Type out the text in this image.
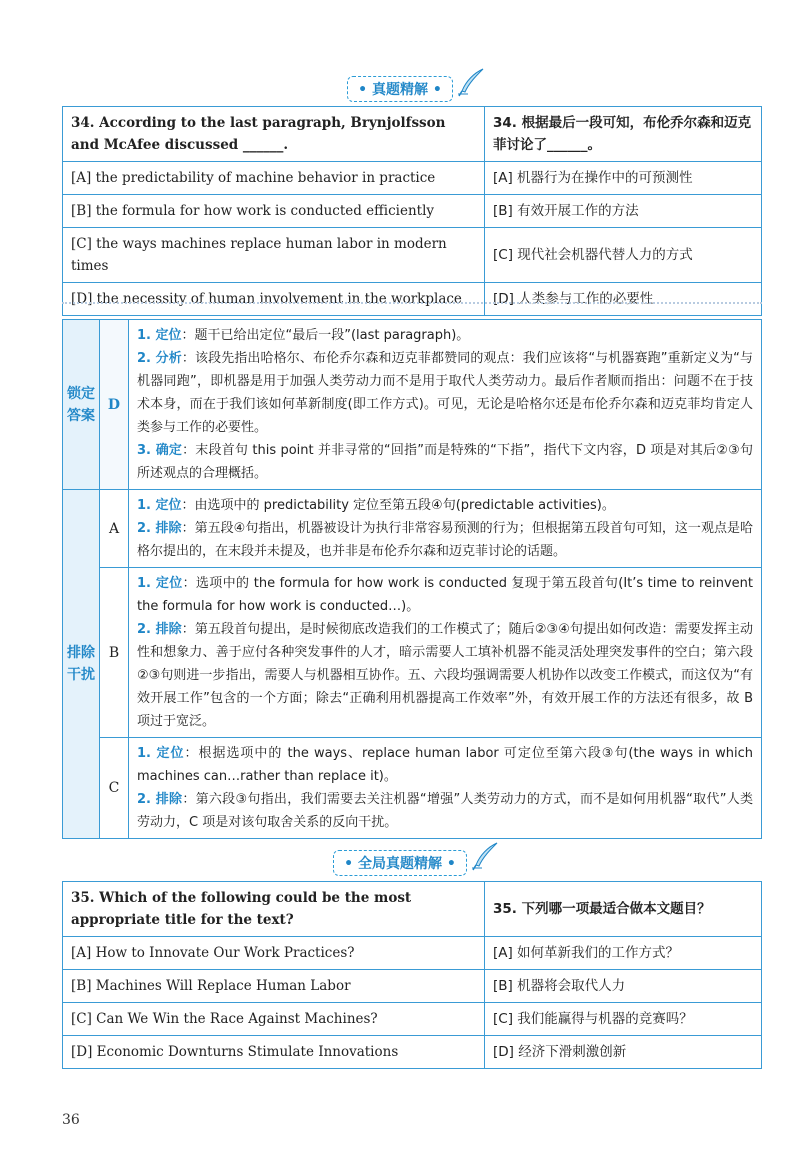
• 真题精解 •
34. According to the last paragraph, Brynjolfsson and McAfee discussed ______.	34. 根据最后一段可知，布伦乔尔森和迈克菲讨论了______。
[A] the predictability of machine behavior in practice	[A] 机器行为在操作中的可预测性
[B] the formula for how work is conducted efficiently	[B] 有效开展工作的方法
[C] the ways machines replace human labor in modern times	[C] 现代社会机器代替人力的方式
[D] the necessity of human involvement in the workplace	[D] 人类参与工作的必要性
锁定答案	D	1. 定位：题干已给出定位“最后一段”(last paragraph)。

2. 分析：该段先指出哈格尔、布伦乔尔森和迈克菲都赞同的观点：我们应该将“与机器赛跑”重新定义为“与机器同跑”，即机器是用于加强人类劳动力而不是用于取代人类劳动力。最后作者顺而指出：问题不在于技术本身，而在于我们该如何革新制度(即工作方式)。可见，无论是哈格尔还是布伦乔尔森和迈克菲均肯定人类参与工作的必要性。

3. 确定：末段首句 this point 并非寻常的“回指”而是特殊的“下指”，指代下文内容，D 项是对其后②③句所述观点的合理概括。

排除干扰	A	1. 定位：由选项中的 predictability 定位至第五段④句(predictable activities)。

2. 排除：第五段④句指出，机器被设计为执行非常容易预测的行为；但根据第五段首句可知，这一观点是哈格尔提出的，在末段并未提及，也并非是布伦乔尔森和迈克菲讨论的话题。

	B	1. 定位：选项中的 the formula for how work is conducted 复现于第五段首句(It’s time to reinvent the formula for how work is conducted…)。

2. 排除：第五段首句提出，是时候彻底改造我们的工作模式了；随后②③④句提出如何改造：需要发挥主动性和想象力、善于应付各种突发事件的人才，暗示需要人工填补机器不能灵活处理突发事件的空白；第六段②③句则进一步指出，需要人与机器相互协作。五、六段均强调需要人机协作以改变工作模式，而这仅为“有效开展工作”包含的一个方面；除去“正确利用机器提高工作效率”外，有效开展工作的方法还有很多，故 B 项过于宽泛。

	C	1. 定位：根据选项中的 the ways、replace human labor 可定位至第六段③句(the ways in which machines can…rather than replace it)。

2. 排除：第六段③句指出，我们需要去关注机器“增强”人类劳动力的方式，而不是如何用机器“取代”人类劳动力，C 项是对该句取舍关系的反向干扰。

• 全局真题精解 •
35. Which of the following could be the most appropriate title for the text?	35. 下列哪一项最适合做本文题目？
[A] How to Innovate Our Work Practices?	[A] 如何革新我们的工作方式？
[B] Machines Will Replace Human Labor	[B] 机器将会取代人力
[C] Can We Win the Race Against Machines?	[C] 我们能赢得与机器的竞赛吗？
[D] Economic Downturns Stimulate Innovations	[D] 经济下滑刺激创新
36
